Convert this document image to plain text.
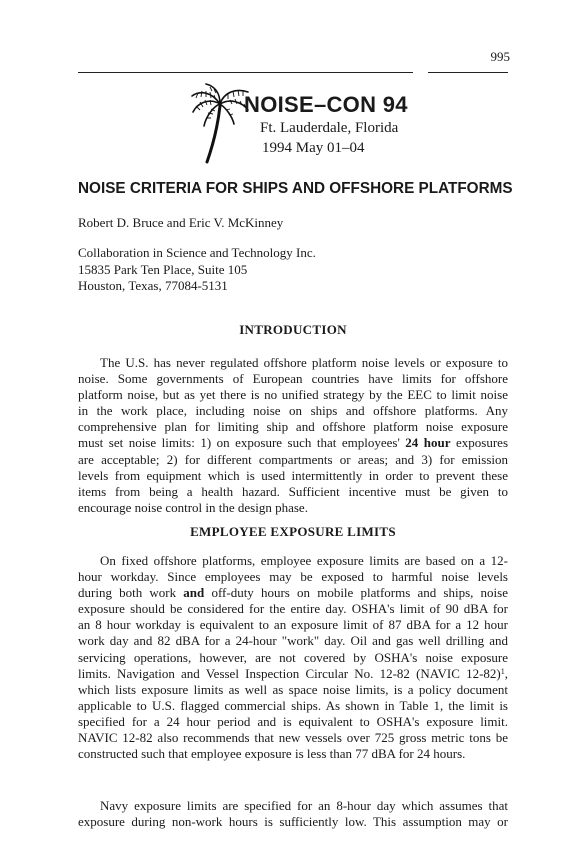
995
NOISE–CON 94
Ft. Lauderdale, Florida
1994 May 01–04
NOISE CRITERIA FOR SHIPS AND OFFSHORE PLATFORMS
Robert D. Bruce and Eric V. McKinney
Collaboration in Science and Technology Inc.
15835 Park Ten Place, Suite 105
Houston, Texas, 77084-5131
INTRODUCTION
The U.S. has never regulated offshore platform noise levels or exposure to
noise. Some governments of European countries have limits for offshore
platform noise, but as yet there is no unified strategy by the EEC to limit noise
in the work place, including noise on ships and offshore platforms. Any
comprehensive plan for limiting ship and offshore platform noise exposure
must set noise limits: 1) on exposure such that employees' 24 hour exposures
are acceptable; 2) for different compartments or areas; and 3) for emission
levels from equipment which is used intermittently in order to prevent these
items from being a health hazard. Sufficient incentive must be given to
encourage noise control in the design phase.
EMPLOYEE EXPOSURE LIMITS
On fixed offshore platforms, employee exposure limits are based on a 12-
hour workday. Since employees may be exposed to harmful noise levels
during both work and off-duty hours on mobile platforms and ships, noise
exposure should be considered for the entire day. OSHA's limit of 90 dBA for
an 8 hour workday is equivalent to an exposure limit of 87 dBA for a 12 hour
work day and 82 dBA for a 24-hour "work" day. Oil and gas well drilling and
servicing operations, however, are not covered by OSHA's noise exposure
limits. Navigation and Vessel Inspection Circular No. 12-82 (NAVIC 12-82)$^1$,
which lists exposure limits as well as space noise limits, is a policy document
applicable to U.S. flagged commercial ships. As shown in Table 1, the limit is
specified for a 24 hour period and is equivalent to OSHA's exposure limit.
NAVIC 12-82 also recommends that new vessels over 725 gross metric tons be
constructed such that employee exposure is less than 77 dBA for 24 hours.
Navy exposure limits are specified for an 8-hour day which assumes that
exposure during non-work hours is sufficiently low. This assumption may or
